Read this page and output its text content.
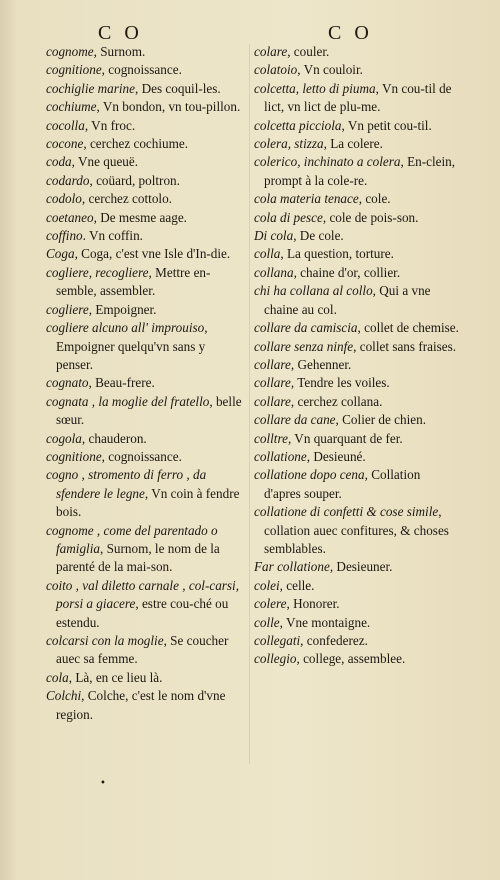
C O	C O
cognome, Surnom.
cognitione, cognoissance.
cochiglie marine, Des coquil-les.
cochiume, Vn bondon, vn tou-pillon.
cocolla, Vn froc.
cocone, cerchez cochiume.
coda, Vne queuë.
codardo, coüard, poltron.
codolo, cerchez cottolo.
coetaneo, De mesme aage.
coffino. Vn coffin.
Coga, Coga, c'est vne Isle d'In-die.
cogliere, recogliere, Mettre en-semble, assembler.
cogliere, Empoigner.
cogliere alcuno all' improuiso, Empoigner quelqu'vn sans y penser.
cognato, Beau-frere.
cognata , la moglie del fratello, belle sœur.
cogola, chauderon.
cognitione, cognoissance.
cogno , stromento di ferro , da sfendere le legne, Vn coin à fendre bois.
cognome , come del parentado o famiglia, Surnom, le nom de la parenté de la mai-son.
coito , val diletto carnale , col-carsi, porsi a giacere, estre cou-ché ou estendu.
colcarsi con la moglie, Se coucher auec sa femme.
cola, Là, en ce lieu là.
Colchi, Colche, c'est le nom d'vne region.
colare, couler.
colatoio, Vn couloir.
colcetta, letto di piuma, Vn cou-til de lict, vn lict de plu-me.
colcetta picciola, Vn petit cou-til.
colera, stizza, La colere.
colerico, inchinato a colera, En-clein, prompt à la cole-re.
cola materia tenace, cole.
cola di pesce, cole de pois-son.
Di cola, De cole.
colla, La question, torture.
collana, chaine d'or, collier.
chi ha collana al collo, Qui a vne chaine au col.
collare da camiscia, collet de chemise.
collare senza ninfe, collet sans fraises.
collare, Gehenner.
collare, Tendre les voiles.
collare, cerchez collana.
collare da cane, Colier de chien.
colltre, Vn quarquant de fer.
collatione, Desieuné.
collatione dopo cena, Collation d'apres souper.
collatione di confetti & cose simile, collation auec confitures, & choses semblables.
Far collatione, Desieuner.
colei, celle.
colere, Honorer.
colle, Vne montaigne.
collegati, confederez.
collegio, college, assemblee.
•
